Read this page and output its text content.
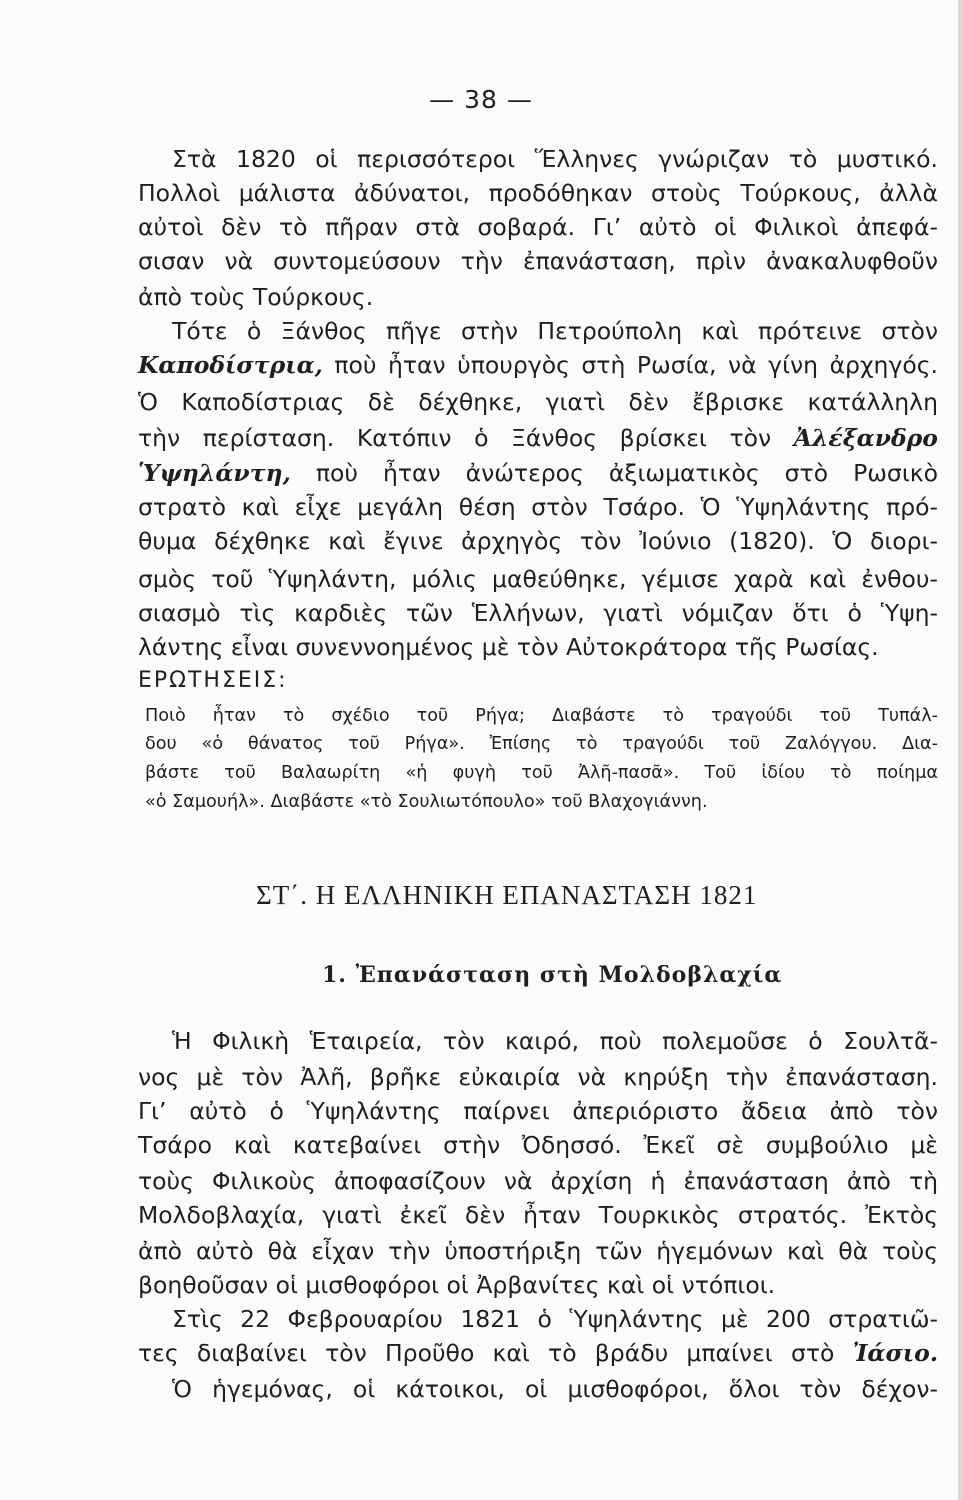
— 38 —
Στὰ 1820 οἱ περισσότεροι Ἕλληνες γνώριζαν τὸ μυστικό.
Πολλοὶ μάλιστα ἀδύνατοι, προδόθηκαν στοὺς Τούρκους, ἀλλὰ
αὐτοὶ δὲν τὸ πῆραν στὰ σοβαρά. Γι’ αὐτὸ οἱ Φιλικοὶ ἀπεφά-
σισαν νὰ συντομεύσουν τὴν ἐπανάσταση, πρὶν ἀνακαλυφθοῦν
ἀπὸ τοὺς Τούρκους.
Τότε ὁ Ξάνθος πῆγε στὴν Πετρούπολη καὶ πρότεινε στὸν
Καποδίστρια, ποὺ ἦταν ὑπουργὸς στὴ Ρωσία, νὰ γίνη ἀρχηγός.
Ὁ Καποδίστριας δὲ δέχθηκε, γιατὶ δὲν ἔβρισκε κατάλληλη
τὴν περίσταση. Κατόπιν ὁ Ξάνθος βρίσκει τὸν Ἀλέξανδρο
Ὑψηλάντη, ποὺ ἦταν ἀνώτερος ἀξιωματικὸς στὸ Ρωσικὸ
στρατὸ καὶ εἶχε μεγάλη θέση στὸν Τσάρο. Ὁ Ὑψηλάντης πρό-
θυμα δέχθηκε καὶ ἔγινε ἀρχηγὸς τὸν Ἰούνιο (1820). Ὁ διορι-
σμὸς τοῦ Ὑψηλάντη, μόλις μαθεύθηκε, γέμισε χαρὰ καὶ ἐνθου-
σιασμὸ τὶς καρδιὲς τῶν Ἑλλήνων, γιατὶ νόμιζαν ὅτι ὁ Ὑψη-
λάντης εἶναι συνεννοημένος μὲ τὸν Αὐτοκράτορα τῆς Ρωσίας.
ΕΡΩΤΗΣΕΙΣ:
Ποιὸ ἦταν τὸ σχέδιο τοῦ Ρήγα; Διαβάστε τὸ τραγούδι τοῦ Τυπάλ-
δου «ὁ θάνατος τοῦ Ρήγα». Ἐπίσης τὸ τραγούδι τοῦ Ζαλόγγου. Δια-
βάστε τοῦ Βαλαωρίτη «ἡ φυγὴ τοῦ Ἀλῆ-πασᾶ». Τοῦ ἰδίου τὸ ποίημα
«ὁ Σαμουήλ». Διαβάστε «τὸ Σουλιωτόπουλο» τοῦ Βλαχογιάννη.
ΣΤ΄. Η ΕΛΛΗΝΙΚΗ ΕΠΑΝΑΣΤΑΣΗ 1821
1. Ἐπανάσταση στὴ Μολδοβλαχία
Ἡ Φιλικὴ Ἑταιρεία, τὸν καιρό, ποὺ πολεμοῦσε ὁ Σουλτᾶ-
νος μὲ τὸν Ἀλῆ, βρῆκε εὐκαιρία νὰ κηρύξη τὴν ἐπανάσταση.
Γι’ αὐτὸ ὁ Ὑψηλάντης παίρνει ἀπεριόριστο ἄδεια ἀπὸ τὸν
Τσάρο καὶ κατεβαίνει στὴν Ὀδησσό. Ἐκεῖ σὲ συμβούλιο μὲ
τοὺς Φιλικοὺς ἀποφασίζουν νὰ ἀρχίση ἡ ἐπανάσταση ἀπὸ τὴ
Μολδοβλαχία, γιατὶ ἐκεῖ δὲν ἦταν Τουρκικὸς στρατός. Ἐκτὸς
ἀπὸ αὐτὸ θὰ εἶχαν τὴν ὑποστήριξη τῶν ἡγεμόνων καὶ θὰ τοὺς
βοηθοῦσαν οἱ μισθοφόροι οἱ Ἀρβανίτες καὶ οἱ ντόπιοι.
Στὶς 22 Φεβρουαρίου 1821 ὁ Ὑψηλάντης μὲ 200 στρατιῶ-
τες διαβαίνει τὸν Προῦθο καὶ τὸ βράδυ μπαίνει στὸ Ἰάσιο.
Ὁ ἡγεμόνας, οἱ κάτοικοι, οἱ μισθοφόροι, ὅλοι τὸν δέχον-
